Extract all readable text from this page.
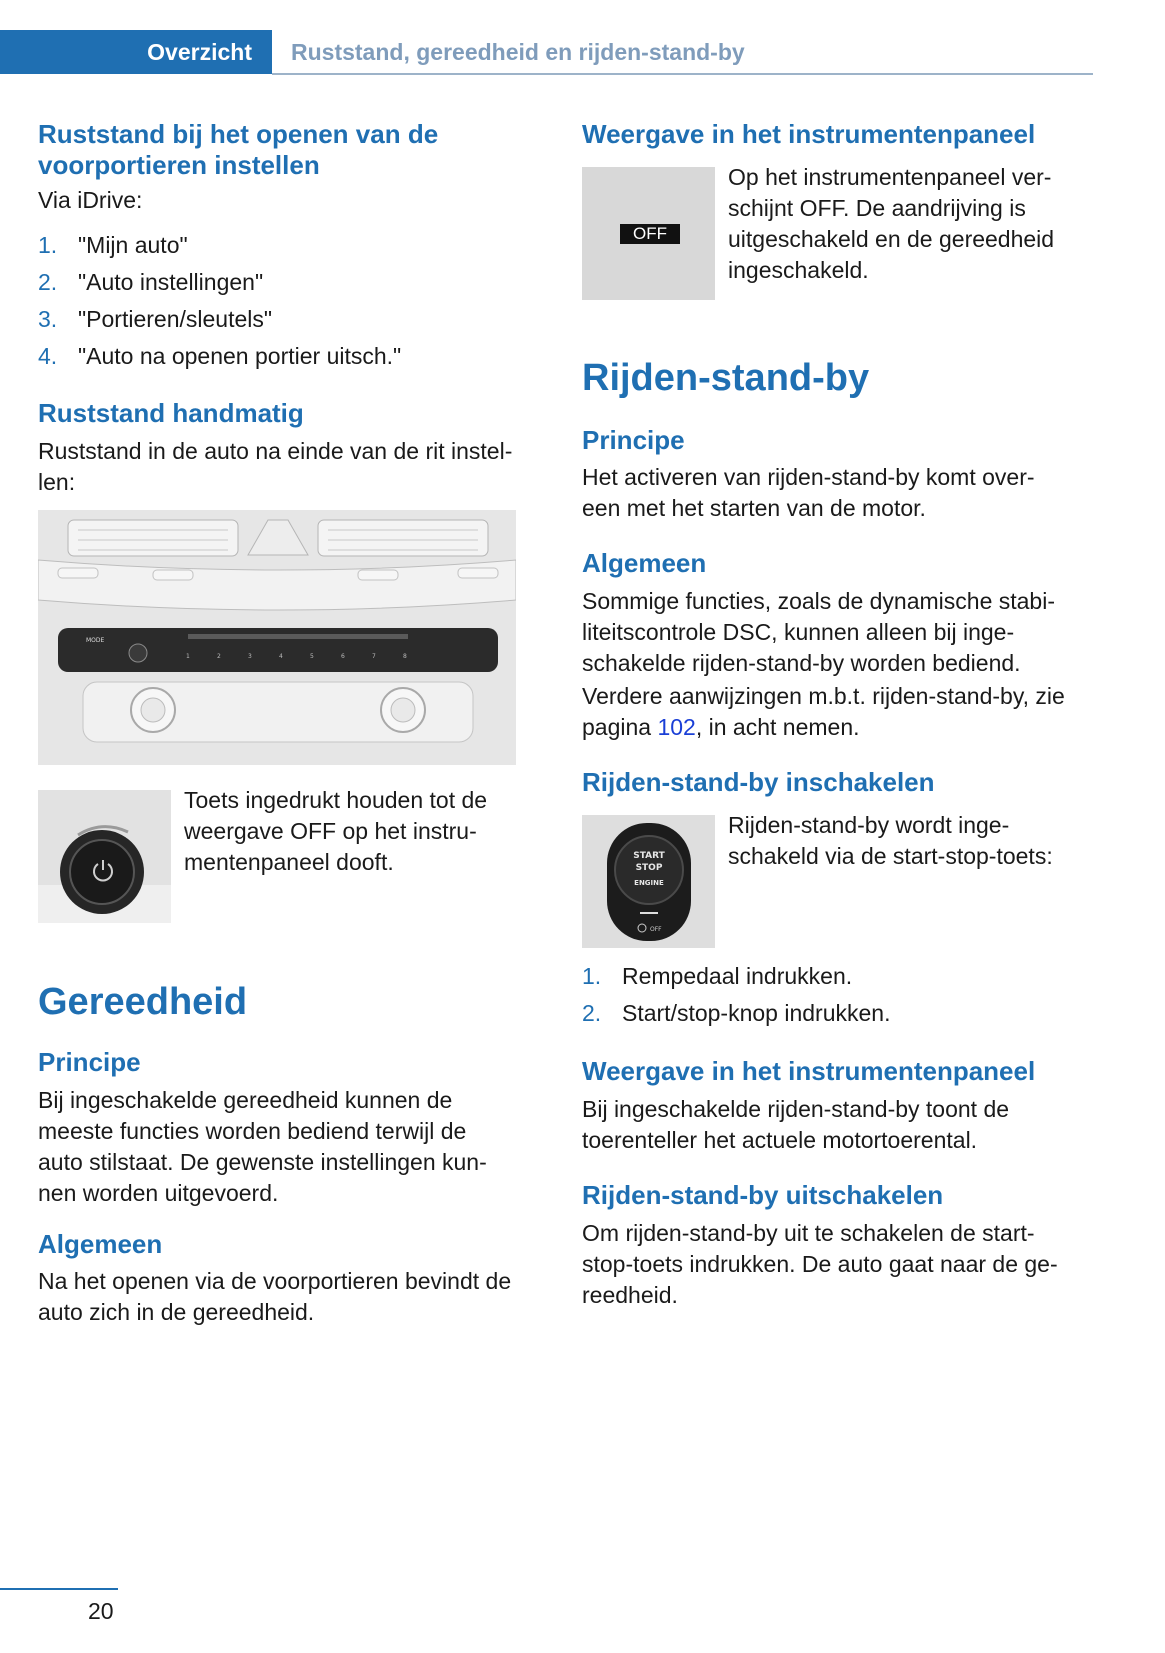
Overzicht Ruststand, gereedheid en rijden-stand-by
Ruststand bij het openen van de voorportieren instellen

Via iDrive:

1. "Mijn auto"
2. "Auto instellingen"
3. "Portieren/sleutels"
4. "Auto na openen portier uitsch."
Ruststand handmatig

Ruststand in de auto na einde van de rit instel-len:

MODE
1	2	3	4	5	6	7	8

Toets ingedrukt houden tot de weergave OFF op het instru-mentenpaneel dooft.

Gereedheid
Principe

Bij ingeschakelde gereedheid kunnen de meeste functies worden bediend terwijl de auto stilstaat. De gewenste instellingen kun-nen worden uitgevoerd.

Algemeen

Na het openen via de voorportieren bevindt de auto zich in de gereedheid.

Weergave in het instrumentenpaneel
OFF

Op het instrumentenpaneel ver-schijnt OFF. De aandrijving is uitgeschakeld en de gereedheid ingeschakeld.

Rijden-stand-by
Principe

Het activeren van rijden-stand-by komt over-een met het starten van de motor.

Algemeen

Sommige functies, zoals de dynamische stabi-liteitscontrole DSC, kunnen alleen bij inge-schakelde rijden-stand-by worden bediend.

Verdere aanwijzingen m.b.t. rijden-stand-by, zie pagina 102, in acht nemen.

Rijden-stand-by inschakelen
START
STOP
ENGINE
OFF

Rijden-stand-by wordt inge-schakeld via de start-stop-toets:

1. Rempedaal indrukken.
2. Start/stop-knop indrukken.
Weergave in het instrumentenpaneel

Bij ingeschakelde rijden-stand-by toont de toerenteller het actuele motortoerental.

Rijden-stand-by uitschakelen

Om rijden-stand-by uit te schakelen de start-stop-toets indrukken. De auto gaat naar de ge-reedheid.

20
